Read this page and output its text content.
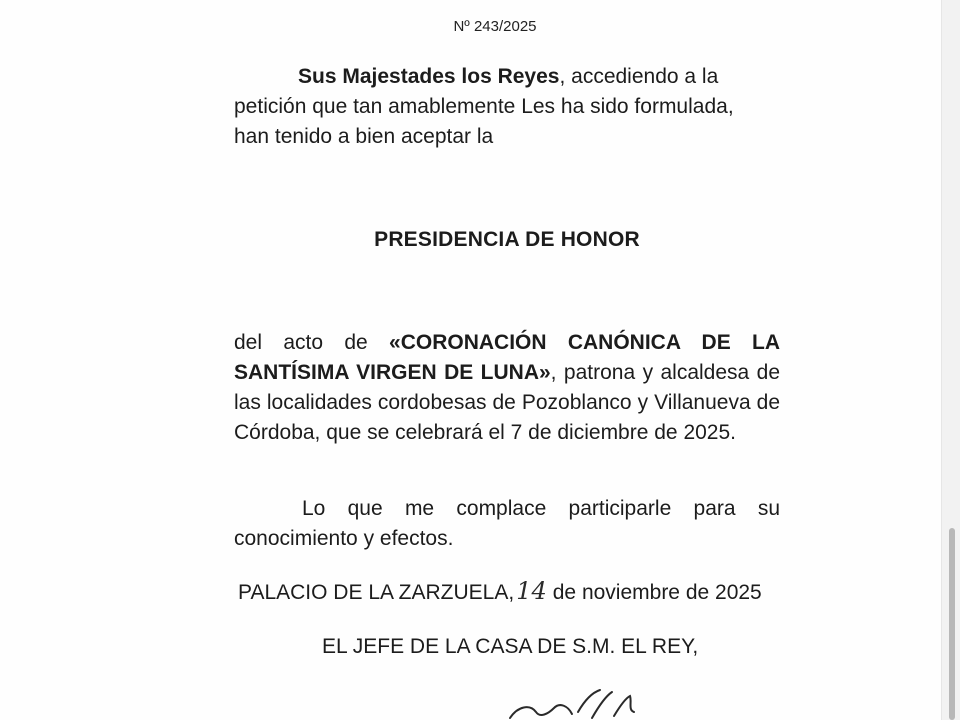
Nº 243/2025
Sus Majestades los Reyes, accediendo a la
petición que tan amablemente Les ha sido formulada,
han tenido a bien aceptar la
PRESIDENCIA DE HONOR
del acto de «CORONACIÓN CANÓNICA DE LA SANTÍSIMA VIRGEN DE LUNA», patrona y alcaldesa de las localidades cordobesas de Pozoblanco y Villanueva de Córdoba, que se celebrará el 7 de diciembre de 2025.
Lo que me complace participarle para su conocimiento y efectos.
PALACIO DE LA ZARZUELA,14 de noviembre de 2025
EL JEFE DE LA CASA DE S.M. EL REY,
